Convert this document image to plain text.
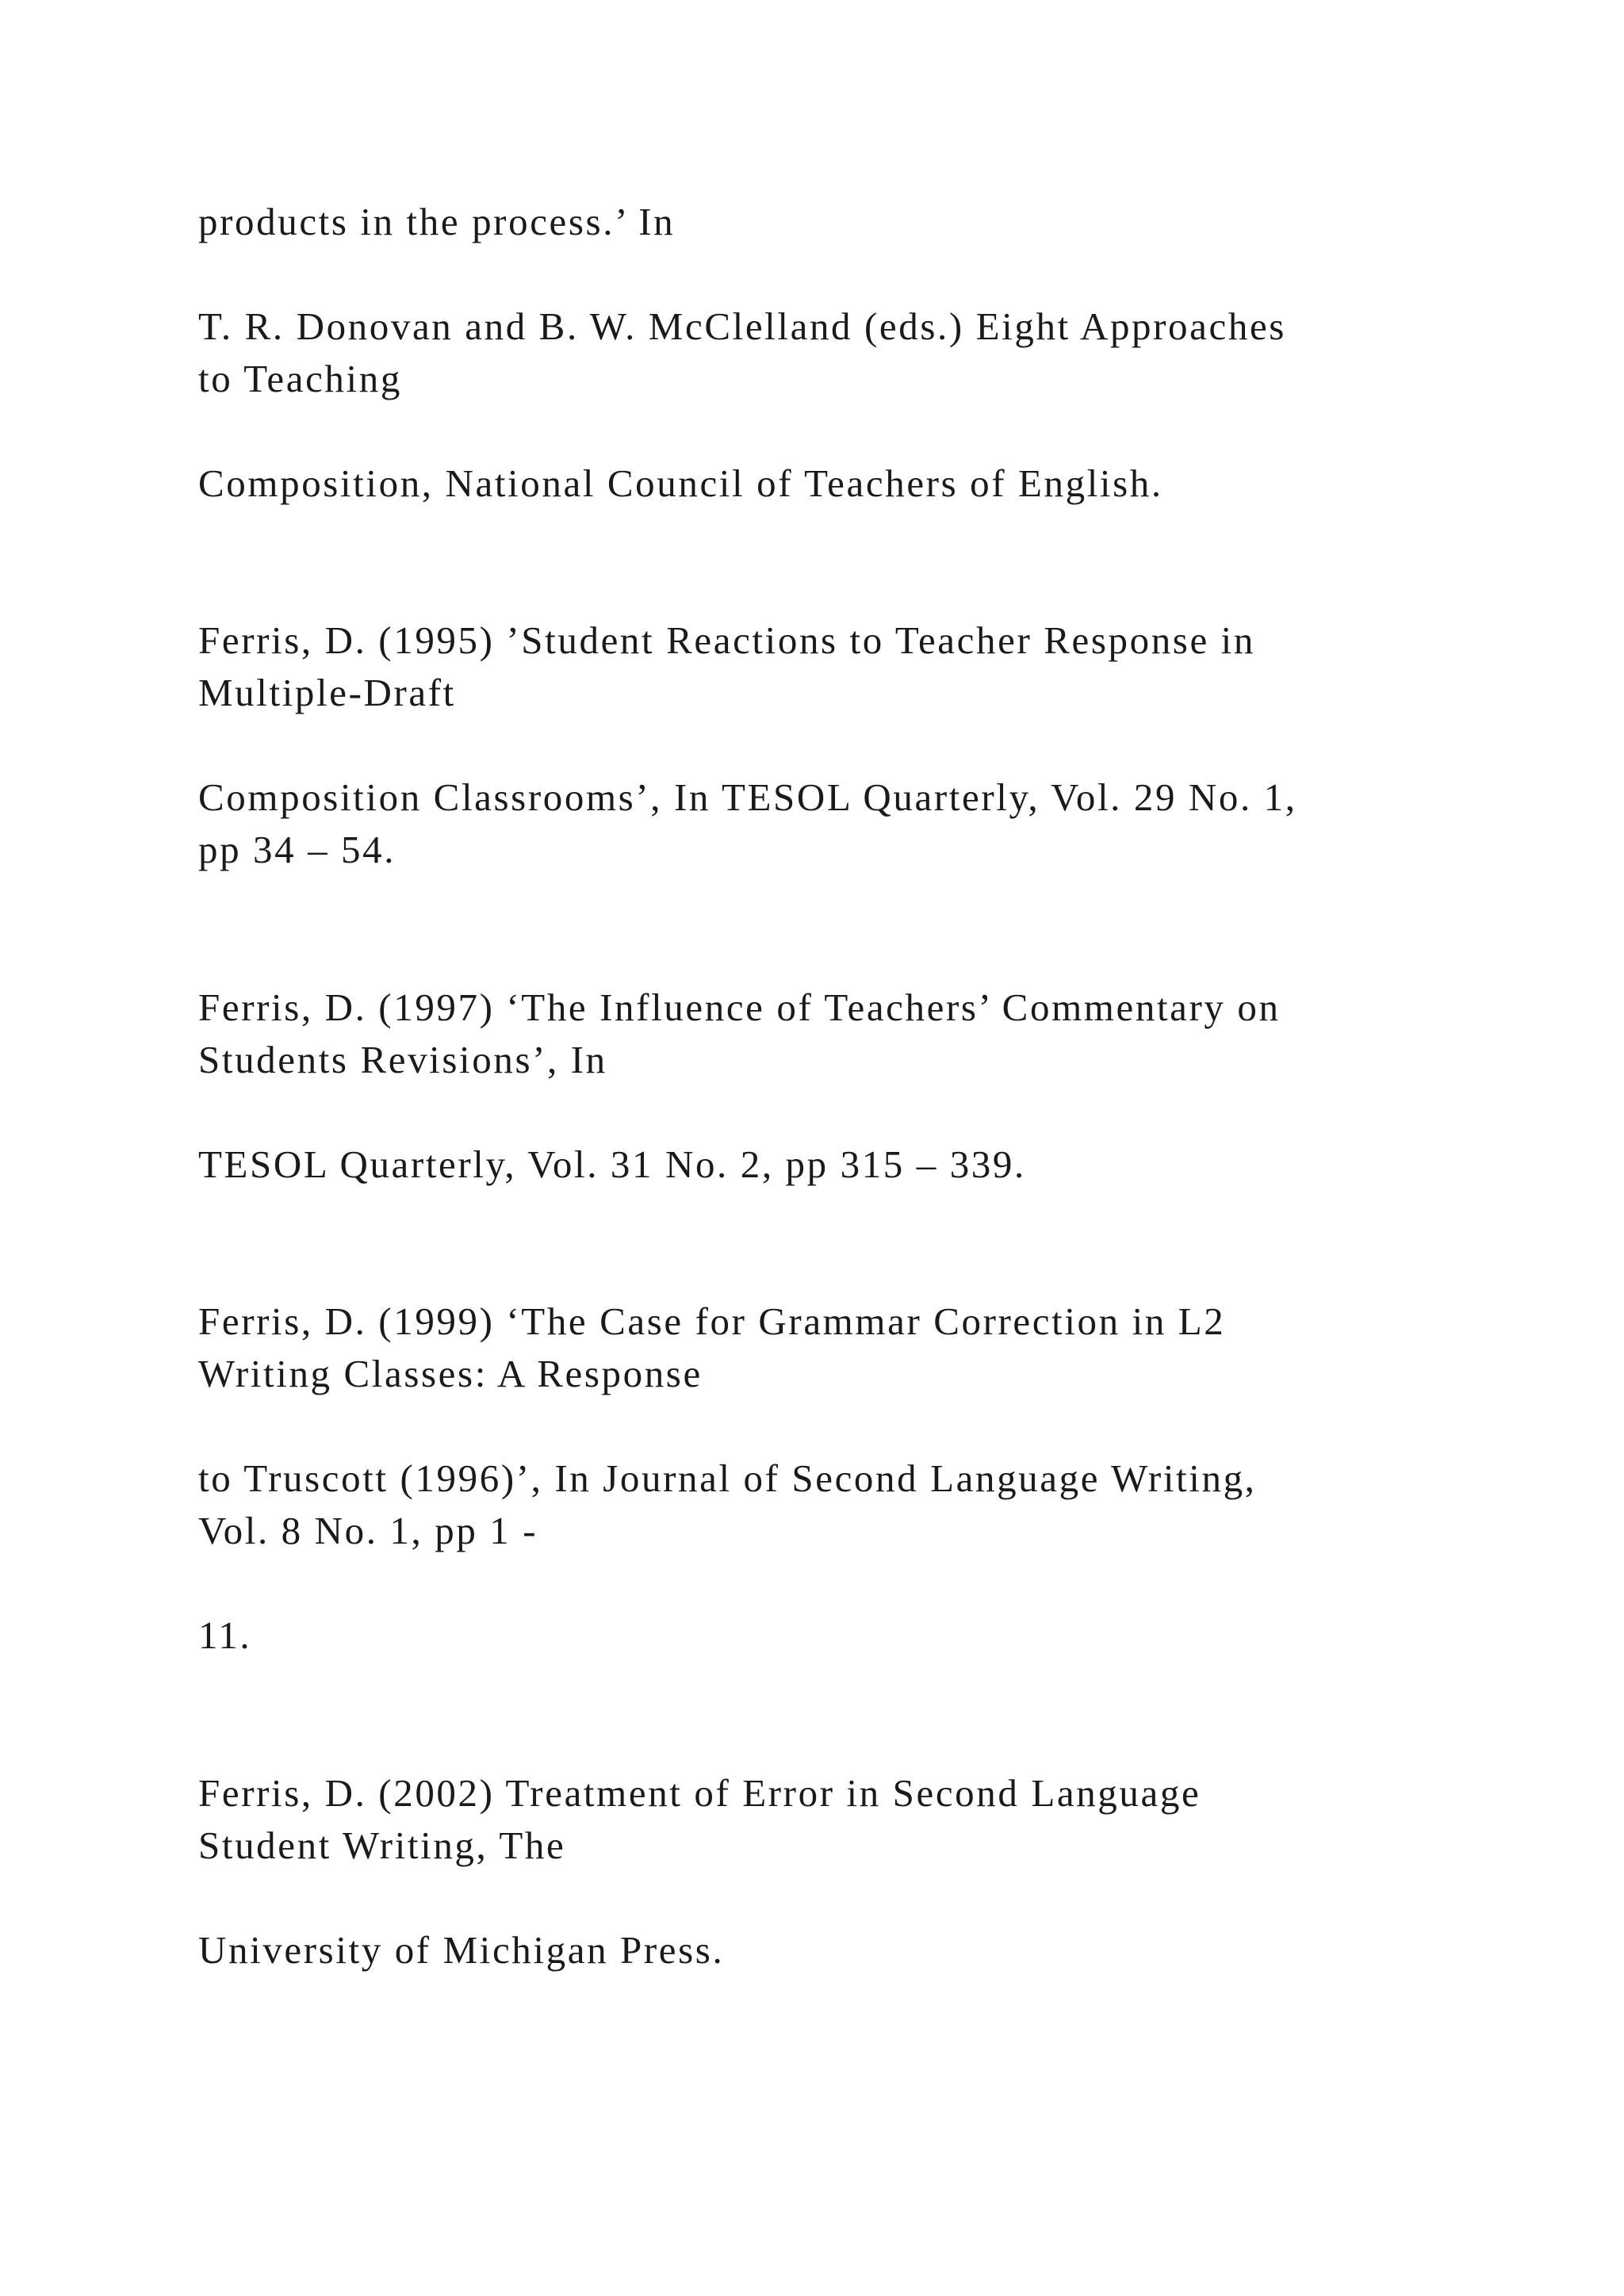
products in the process.’ In

T. R. Donovan and B. W. McClelland (eds.) Eight Approaches
to Teaching

Composition, National Council of Teachers of English.

Ferris, D. (1995) ’Student Reactions to Teacher Response in
Multiple-Draft

Composition Classrooms’, In TESOL Quarterly, Vol. 29 No. 1,
pp 34 – 54.

Ferris, D. (1997) ‘The Influence of Teachers’ Commentary on
Students Revisions’, In

TESOL Quarterly, Vol. 31 No. 2, pp 315 – 339.

Ferris, D. (1999) ‘The Case for Grammar Correction in L2
Writing Classes: A Response

to Truscott (1996)’, In Journal of Second Language Writing,
Vol. 8 No. 1, pp 1 -

11.

Ferris, D. (2002) Treatment of Error in Second Language
Student Writing, The

University of Michigan Press.
